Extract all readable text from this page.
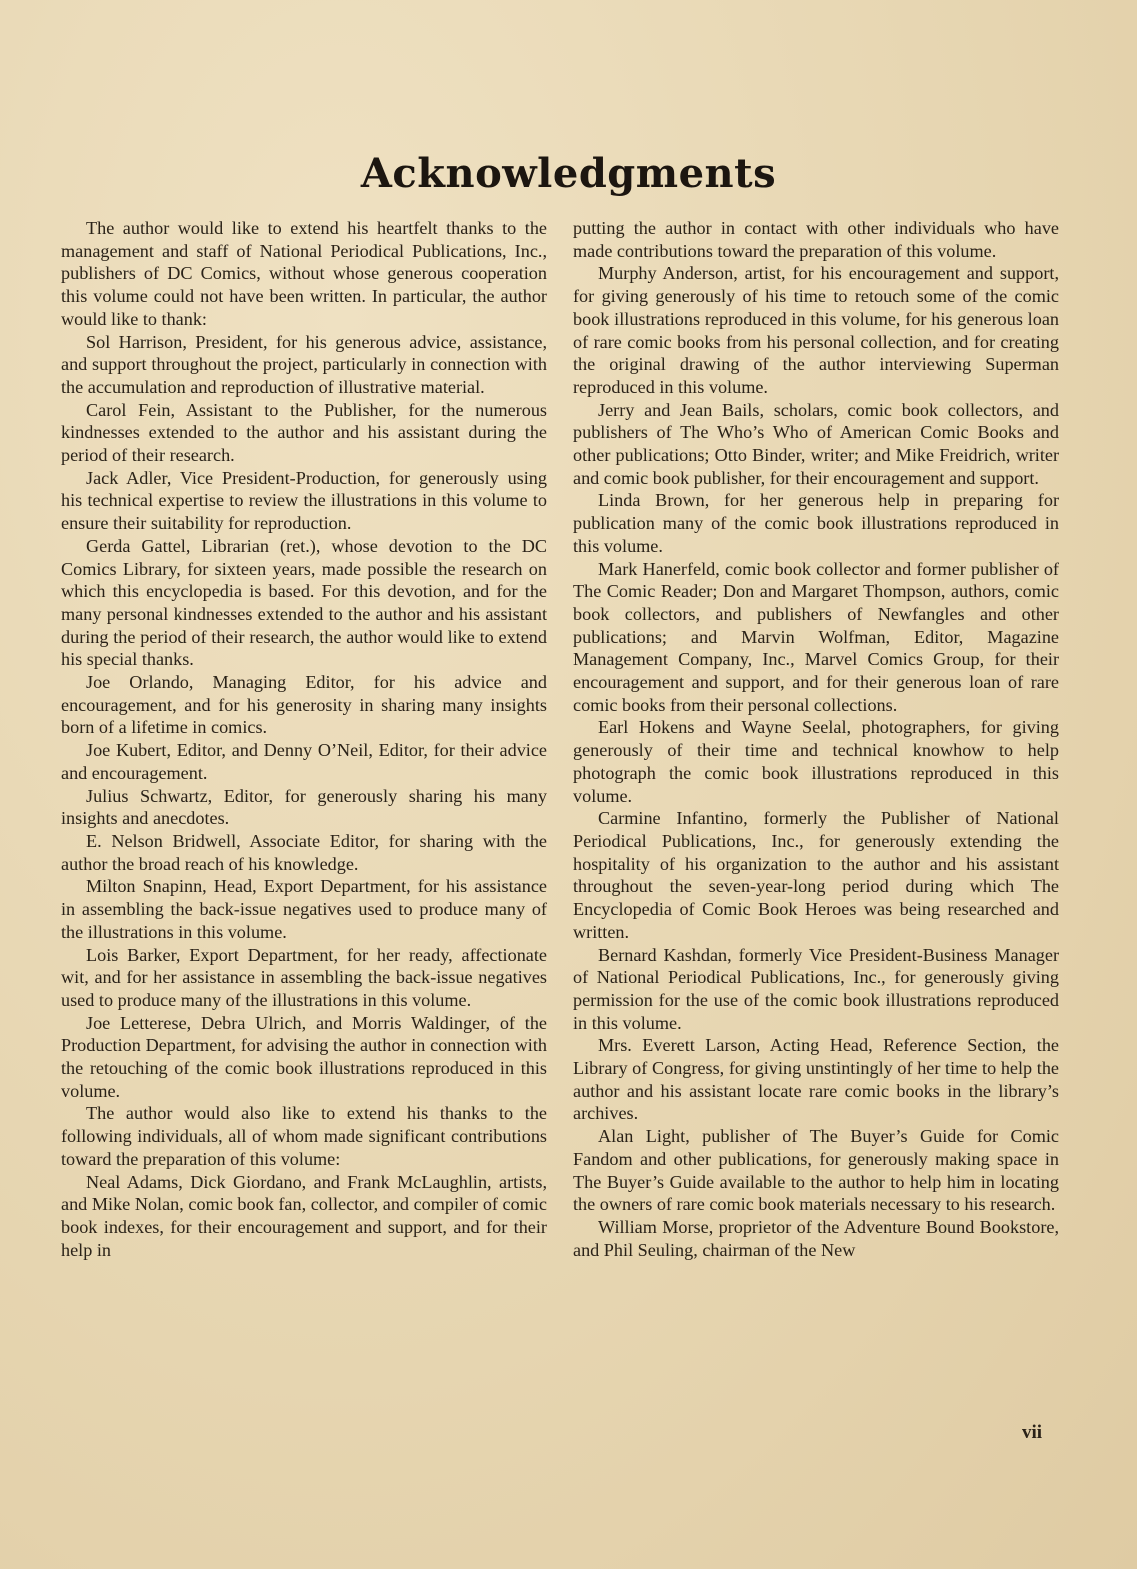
Acknowledgments

The author would like to extend his heartfelt thanks to the management and staff of National Periodical Publications, Inc., publishers of DC Comics, without whose generous cooperation this volume could not have been written. In particular, the author would like to thank:

Sol Harrison, President, for his generous advice, assistance, and support throughout the project, particularly in connection with the accumulation and reproduction of illustrative material.

Carol Fein, Assistant to the Publisher, for the numerous kindnesses extended to the author and his assistant during the period of their research.

Jack Adler, Vice President-Production, for generously using his technical expertise to review the illustrations in this volume to ensure their suitability for reproduction.

Gerda Gattel, Librarian (ret.), whose devotion to the DC Comics Library, for sixteen years, made possible the research on which this encyclopedia is based. For this devotion, and for the many personal kindnesses extended to the author and his assistant during the period of their research, the author would like to extend his special thanks.

Joe Orlando, Managing Editor, for his advice and encouragement, and for his generosity in sharing many insights born of a lifetime in comics.

Joe Kubert, Editor, and Denny O’Neil, Editor, for their advice and encouragement.

Julius Schwartz, Editor, for generously sharing his many insights and anecdotes.

E. Nelson Bridwell, Associate Editor, for sharing with the author the broad reach of his knowledge.

Milton Snapinn, Head, Export Department, for his assistance in assembling the back-issue negatives used to produce many of the illustrations in this volume.

Lois Barker, Export Department, for her ready, affectionate wit, and for her assistance in assembling the back-issue negatives used to produce many of the illustrations in this volume.

Joe Letterese, Debra Ulrich, and Morris Waldinger, of the Production Department, for advising the author in connection with the retouching of the comic book illustrations reproduced in this volume.

The author would also like to extend his thanks to the following individuals, all of whom made significant contributions toward the preparation of this volume:

Neal Adams, Dick Giordano, and Frank McLaughlin, artists, and Mike Nolan, comic book fan, collector, and compiler of comic book indexes, for their encouragement and support, and for their help in

putting the author in contact with other individuals who have made contributions toward the preparation of this volume.

Murphy Anderson, artist, for his encouragement and support, for giving generously of his time to retouch some of the comic book illustrations reproduced in this volume, for his generous loan of rare comic books from his personal collection, and for creating the original drawing of the author interviewing Superman reproduced in this volume.

Jerry and Jean Bails, scholars, comic book collectors, and publishers of The Who’s Who of American Comic Books and other publications; Otto Binder, writer; and Mike Freidrich, writer and comic book publisher, for their encouragement and support.

Linda Brown, for her generous help in preparing for publication many of the comic book illustrations reproduced in this volume.

Mark Hanerfeld, comic book collector and former publisher of The Comic Reader; Don and Margaret Thompson, authors, comic book collectors, and publishers of Newfangles and other publications; and Marvin Wolfman, Editor, Magazine Management Company, Inc., Marvel Comics Group, for their encouragement and support, and for their generous loan of rare comic books from their personal collections.

Earl Hokens and Wayne Seelal, photographers, for giving generously of their time and technical knowhow to help photograph the comic book illustrations reproduced in this volume.

Carmine Infantino, formerly the Publisher of National Periodical Publications, Inc., for generously extending the hospitality of his organization to the author and his assistant throughout the seven-year-long period during which The Encyclopedia of Comic Book Heroes was being researched and written.

Bernard Kashdan, formerly Vice President-Business Manager of National Periodical Publications, Inc., for generously giving permission for the use of the comic book illustrations reproduced in this volume.

Mrs. Everett Larson, Acting Head, Reference Section, the Library of Congress, for giving unstintingly of her time to help the author and his assistant locate rare comic books in the library’s archives.

Alan Light, publisher of The Buyer’s Guide for Comic Fandom and other publications, for generously making space in The Buyer’s Guide available to the author to help him in locating the owners of rare comic book materials necessary to his research.

William Morse, proprietor of the Adventure Bound Bookstore, and Phil Seuling, chairman of the New

vii
